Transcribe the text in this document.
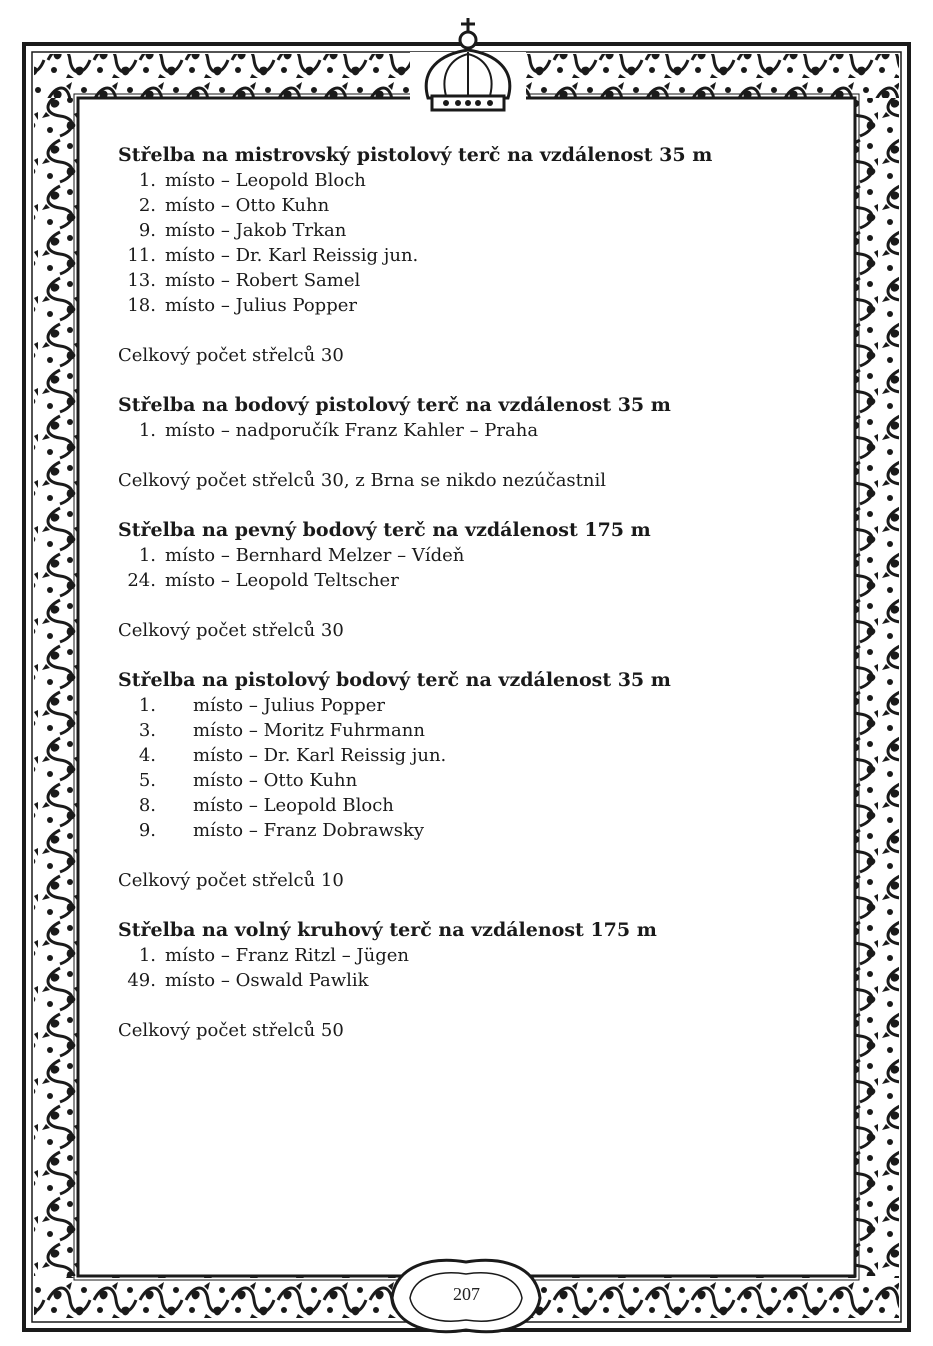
Střelba na mistrovský pistolový terč na vzdálenost 35 m
1. místo – Leopold Bloch
2. místo – Otto Kuhn
9. místo – Jakob Trkan
11. místo – Dr. Karl Reissig jun.
13. místo – Robert Samel
18. místo – Julius Popper
Celkový počet střelců 30
Střelba na bodový pistolový terč na vzdálenost 35 m
1. místo – nadporučík Franz Kahler – Praha
Celkový počet střelců 30, z Brna se nikdo nezúčastnil
Střelba na pevný bodový terč na vzdálenost 175 m
1. místo – Bernhard Melzer – Vídeň
24. místo – Leopold Teltscher
Celkový počet střelců 30
Střelba na pistolový bodový terč na vzdálenost 35 m
1. místo – Julius Popper
3. místo – Moritz Fuhrmann
4. místo – Dr. Karl Reissig jun.
5. místo – Otto Kuhn
8. místo – Leopold Bloch
9. místo – Franz Dobrawsky
Celkový počet střelců 10
Střelba na volný kruhový terč na vzdálenost 175 m
1. místo – Franz Ritzl – Jügen
49. místo – Oswald Pawlik
Celkový počet střelců 50
207
